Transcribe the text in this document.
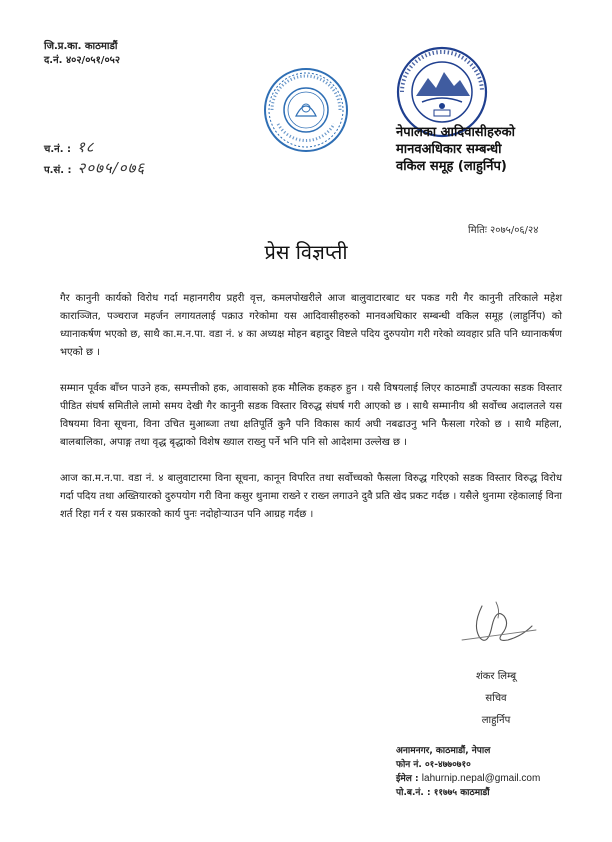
जि.प्र.का. काठमाडौं
द.नं. ४०२/०५१/०५२
नेपालका आदिवासीहरुको
मानवअधिकार सम्बन्धी
वकिल समूह (लाहुर्निप)
च.नं. : १८
प.सं. : २०७५/०७६
मितिः २०७५/०६/२४
प्रेस विज्ञप्ती

गैर कानुनी कार्यको विरोध गर्दा महानगरीय प्रहरी वृत्त, कमलपोखरीले आज बालुवाटारबाट धर पकड गरी गैर कानुनी तरिकाले महेश काराञ्जित, पञ्चराज महर्जन लगायतलाई पक्राउ गरेकोमा यस आदिवासीहरुको मानवअधिकार सम्बन्धी वकिल समूह (लाहुर्निप) को ध्यानाकर्षण भएको छ, साथै का.म.न.पा. वडा नं. ४ का अध्यक्ष मोहन बहादुर विष्टले पदिय दुरुपयोग गरी गरेको व्यवहार प्रति पनि ध्यानाकर्षण भएको छ ।

सम्मान पूर्वक बाँच्न पाउने हक, सम्पत्तीको हक, आवासको हक मौलिक हकहरु हुन । यसै विषयलाई लिएर काठमाडौं उपत्यका सडक विस्तार पीडित संघर्ष समितीले लामो समय देखी गैर कानुनी सडक विस्तार विरुद्ध संघर्ष गरी आएको छ । साथै सम्मानीय श्री सर्वोच्च अदालतले यस विषयमा विना सूचना, विना उचित मुआब्जा तथा क्षतिपूर्ति कुनै पनि विकास कार्य अघी नबढाउनु भनि फैसला गरेको छ । साथै महिला, बालबालिका, अपाङ्ग तथा वृद्ध बृद्धाको विशेष ख्याल राख्नु पर्ने भनि पनि सो आदेशमा उल्लेख छ ।

आज का.म.न.पा. वडा नं. ४ बालुवाटारमा विना सूचना, कानून विपरित तथा सर्वोच्चको फैसला विरुद्ध गरिएको सडक विस्तार विरुद्ध विरोध गर्दा पदिय तथा अख्तियारको दुरुपयोग गरी विना कसुर थुनामा राख्ने र राख्न लगाउने दुवै प्रति खेद प्रकट गर्दछ । यसैले थुनामा रहेकालाई विना शर्त रिहा गर्न र यस प्रकारको कार्य पुनः नदोहोऱ्याउन पनि आग्रह गर्दछ ।

शंकर लिम्बू
सचिव
लाहुर्निप
अनामनगर, काठमाडौं, नेपाल
फोन नं. ०१-४७७०७१०
ईमेल : lahurnip.nepal@gmail.com
पो.ब.नं. : ११७७५ काठमाडौं
